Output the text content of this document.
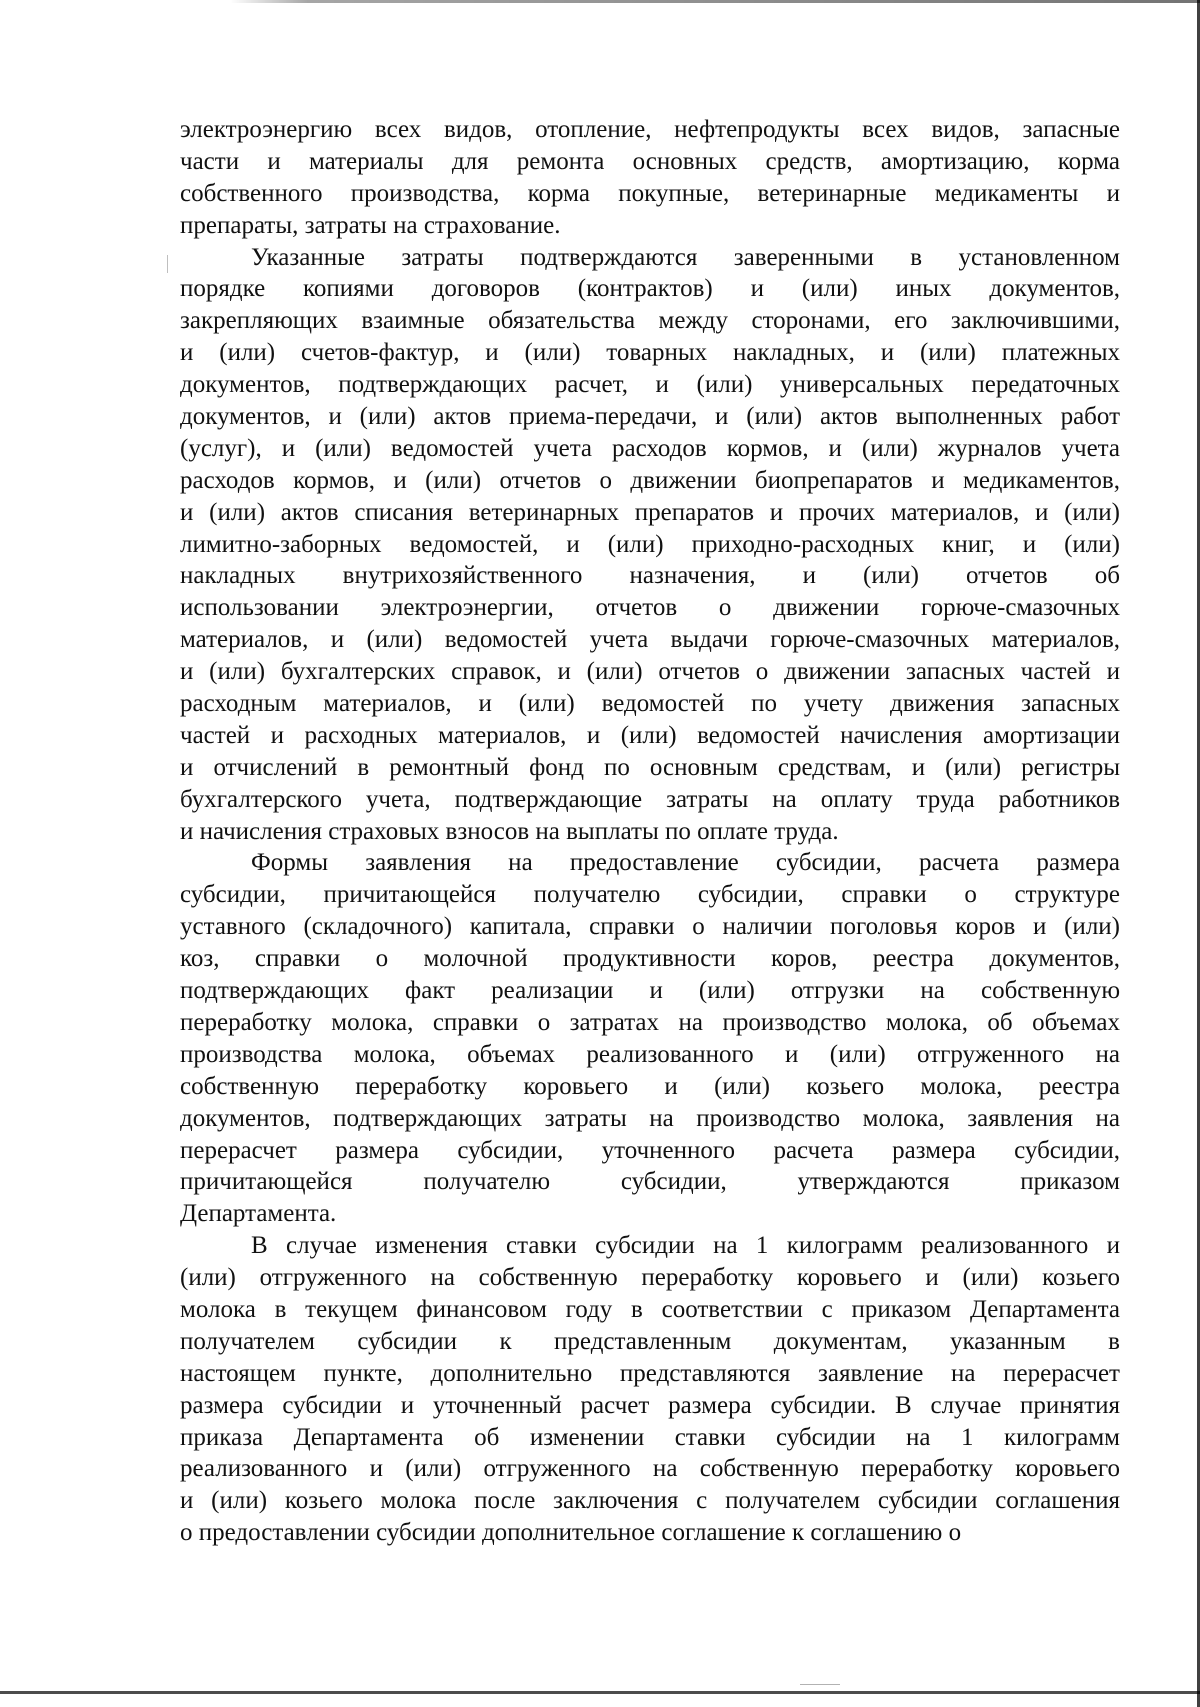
электроэнергию всех видов, отопление, нефтепродукты всех видов, запасные
части и материалы для ремонта основных средств, амортизацию, корма
собственного производства, корма покупные, ветеринарные медикаменты и
препараты, затраты на страхование.
Указанные затраты подтверждаются заверенными в установленном
порядке копиями договоров (контрактов) и (или) иных документов,
закрепляющих взаимные обязательства между сторонами, его заключившими,
и (или) счетов-фактур, и (или) товарных накладных, и (или) платежных
документов, подтверждающих расчет, и (или) универсальных передаточных
документов, и (или) актов приема-передачи, и (или) актов выполненных работ
(услуг), и (или) ведомостей учета расходов кормов, и (или) журналов учета
расходов кормов, и (или) отчетов о движении биопрепаратов и медикаментов,
и (или) актов списания ветеринарных препаратов и прочих материалов, и (или)
лимитно-заборных ведомостей, и (или) приходно-расходных книг, и (или)
накладных внутрихозяйственного назначения, и (или) отчетов об
использовании электроэнергии, отчетов о движении горюче-смазочных
материалов, и (или) ведомостей учета выдачи горюче-смазочных материалов,
и (или) бухгалтерских справок, и (или) отчетов о движении запасных частей и
расходным материалов, и (или) ведомостей по учету движения запасных
частей и расходных материалов, и (или) ведомостей начисления амортизации
и отчислений в ремонтный фонд по основным средствам, и (или) регистры
бухгалтерского учета, подтверждающие затраты на оплату труда работников
и начисления страховых взносов на выплаты по оплате труда.
Формы заявления на предоставление субсидии, расчета размера
субсидии, причитающейся получателю субсидии, справки о структуре
уставного (складочного) капитала, справки о наличии поголовья коров и (или)
коз, справки о молочной продуктивности коров, реестра документов,
подтверждающих факт реализации и (или) отгрузки на собственную
переработку молока, справки о затратах на производство молока, об объемах
производства молока, объемах реализованного и (или) отгруженного на
собственную переработку коровьего и (или) козьего молока, реестра
документов, подтверждающих затраты на производство молока, заявления на
перерасчет размера субсидии, уточненного расчета размера субсидии,
причитающейся получателю субсидии, утверждаются приказом
Департамента.
В случае изменения ставки субсидии на 1 килограмм реализованного и
(или) отгруженного на собственную переработку коровьего и (или) козьего
молока в текущем финансовом году в соответствии с приказом Департамента
получателем субсидии к представленным документам, указанным в
настоящем пункте, дополнительно представляются заявление на перерасчет
размера субсидии и уточненный расчет размера субсидии. В случае принятия
приказа Департамента об изменении ставки субсидии на 1 килограмм
реализованного и (или) отгруженного на собственную переработку коровьего
и (или) козьего молока после заключения с получателем субсидии соглашения
о предоставлении субсидии дополнительное соглашение к соглашению о
